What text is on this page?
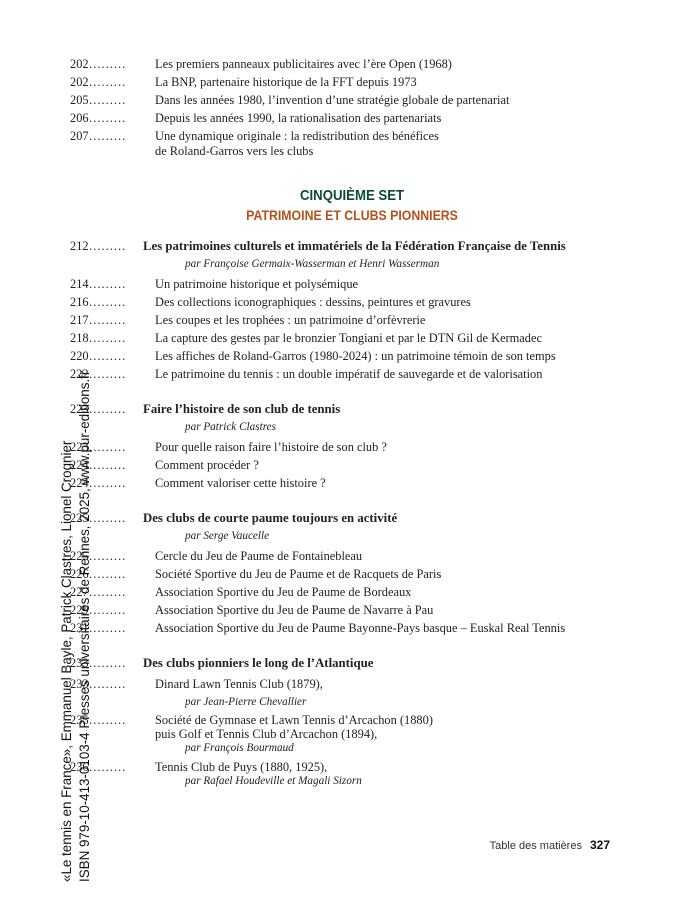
202……… Les premiers panneaux publicitaires avec l’ère Open (1968)
202……… La BNP, partenaire historique de la FFT depuis 1973
205……… Dans les années 1980, l’invention d’une stratégie globale de partenariat
206……… Depuis les années 1990, la rationalisation des partenariats
207……… Une dynamique originale : la redistribution des bénéfices
de Roland-Garros vers les clubs
CINQUIÈME SET
PATRIMOINE ET CLUBS PIONNIERS
212……… Les patrimoines culturels et immatériels de la Fédération Française de Tennis
par Françoise Germaix-Wasserman et Henri Wasserman
214……… Un patrimoine historique et polysémique
216……… Des collections iconographiques : dessins, peintures et gravures
217……… Les coupes et les trophées : un patrimoine d’orfèvrerie
218……… La capture des gestes par le bronzier Tongiani et par le DTN Gil de Kermadec
220……… Les affiches de Roland-Garros (1980-2024) : un patrimoine témoin de son temps
222……… Le patrimoine du tennis : un double impératif de sauvegarde et de valorisation
223……… Faire l’histoire de son club de tennis
par Patrick Clastres
223……… Pour quelle raison faire l’histoire de son club ?
224……… Comment procéder ?
224……… Comment valoriser cette histoire ?
225……… Des clubs de courte paume toujours en activité
par Serge Vaucelle
225……… Cercle du Jeu de Paume de Fontainebleau
226……… Société Sportive du Jeu de Paume et de Racquets de Paris
227……… Association Sportive du Jeu de Paume de Bordeaux
229……… Association Sportive du Jeu de Paume de Navarre à Pau
231……… Association Sportive du Jeu de Paume Bayonne-Pays basque – Euskal Real Tennis
233……… Des clubs pionniers le long de l’Atlantique
233……… Dinard Lawn Tennis Club (1879),
par Jean-Pierre Chevallier
235……… Société de Gymnase et Lawn Tennis d’Arcachon (1880)
puis Golf et Tennis Club d’Arcachon (1894),
par François Bourmaud
236……… Tennis Club de Puys (1880, 1925),
par Rafael Houdeville et Magali Sizorn
«Le tennis en France», Emmanuel Bayle, Patrick Clastres, Lionel Crognier ISBN 979-10-413-0103-4 Presses universitaires de Rennes, 2025, www.pur-editions.fr	Table des matières 327
